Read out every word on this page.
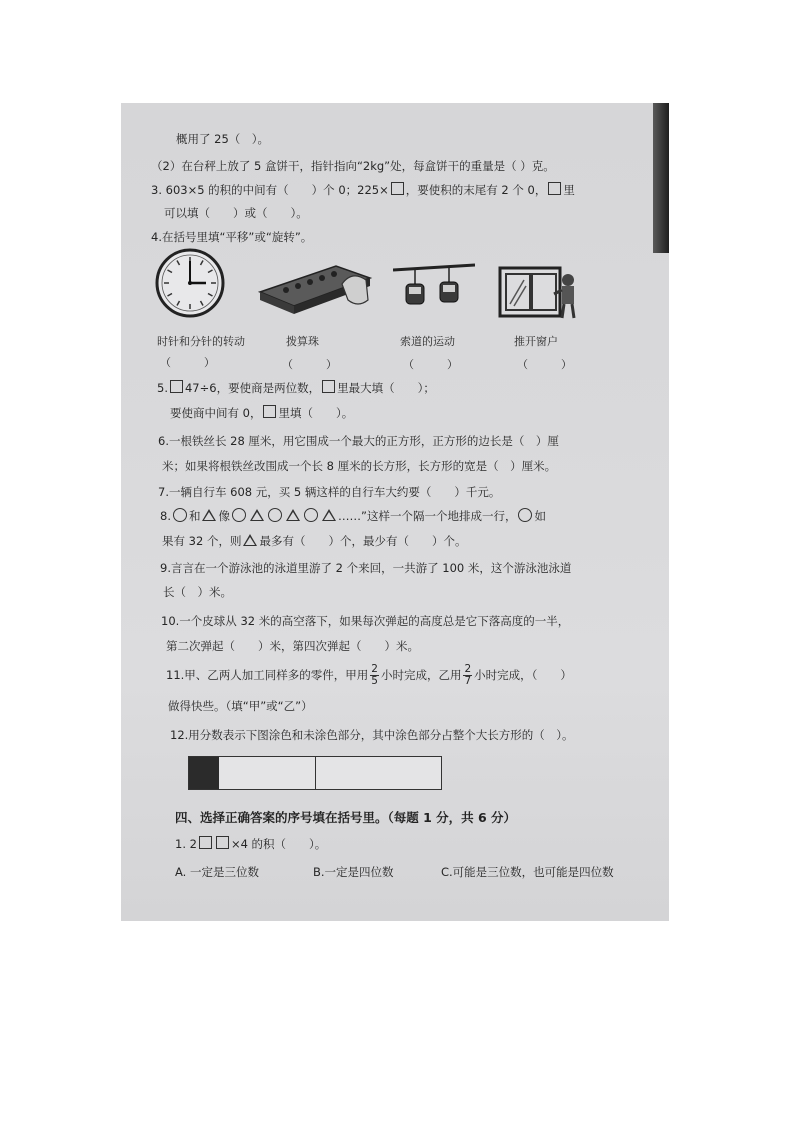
概用了 25（　）。
（2）在台秤上放了 5 盒饼干，指针指向“2kg”处，每盒饼干的重量是（ ）克。
3. 603×5 的积的中间有（　　）个 0；225× ，要使积的末尾有 2 个 0， 里
可以填（　　）或（　　）。
4.在括号里填“平移”或“旋转”。
时针和分针的转动	拨算珠	索道的运动	推开窗户
（　　　）	（　　　）	（　　　）	（　　　）
5. 47÷6，要使商是两位数， 里最大填（　　）；
要使商中间有 0， 里填（　　）。
6.一根铁丝长 28 厘米，用它围成一个最大的正方形，正方形的边长是（　）厘
米；如果将根铁丝改围成一个长 8 厘米的长方形，长方形的宽是（　）厘米。
7.一辆自行车 608 元，买 5 辆这样的自行车大约要（　　）千元。
8. 和 像	……”这样一个隔一个地排成一行， 如
果有 32 个，则 最多有（　　）个，最少有（　　）个。
9.言言在一个游泳池的泳道里游了 2 个来回，一共游了 100 米，这个游泳池泳道
长（　）米。
10.一个皮球从 32 米的高空落下，如果每次弹起的高度总是它下落高度的一半，
第二次弹起（　　）米，第四次弹起（　　）米。
11.甲、乙两人加工同样多的零件，甲用 $\frac{2}{5}$ 小时完成，乙用 $\frac{2}{7}$ 小时完成，（　　）
做得快些。（填“甲”或“乙”）
12.用分数表示下图涂色和未涂色部分，其中涂色部分占整个大长方形的（　）。
四、选择正确答案的序号填在括号里。（每题 1 分，共 6 分）
1. 2	×4 的积（　　）。
A. 一定是三位数	B.一定是四位数	C.可能是三位数，也可能是四位数
